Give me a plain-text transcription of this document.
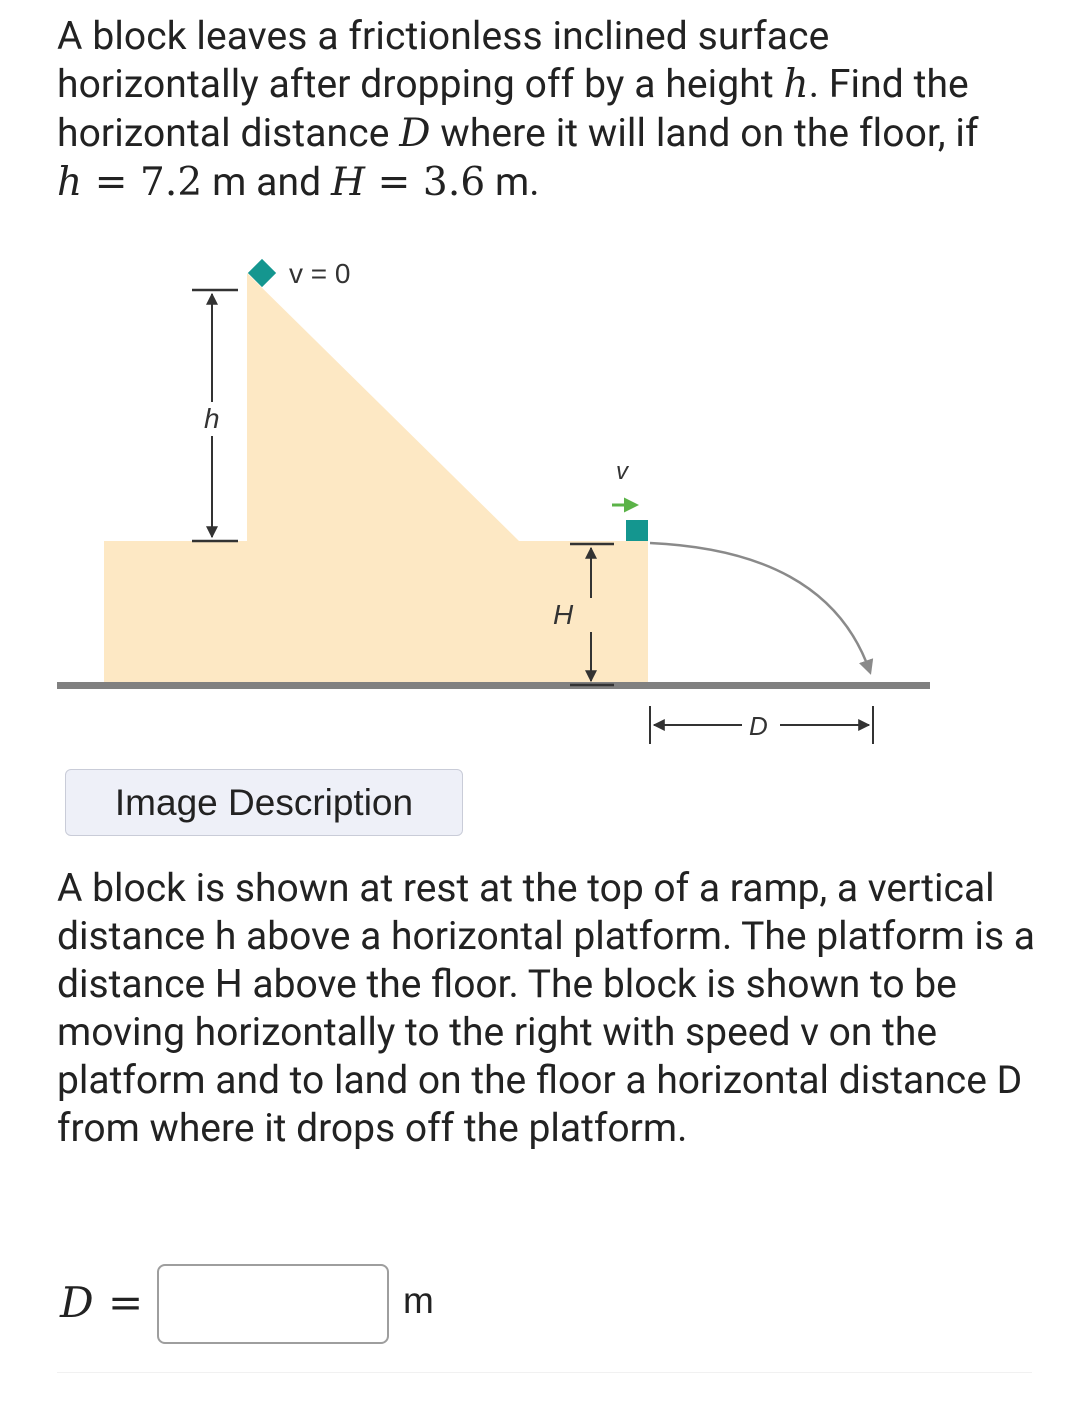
A block leaves a frictionless inclined surface
horizontally after dropping off by a height h. Find the
horizontal distance D where it will land on the floor, if
h = 7.2 m and H = 3.6 m.
v = 0
h
v
H
D
Image Description
A block is shown at rest at the top of a ramp, a vertical distance h above a horizontal platform. The platform is a distance H above the floor. The block is shown to be moving horizontally to the right with speed v on the platform and to land on the floor a horizontal distance D from where it drops off the platform.
D =	m
